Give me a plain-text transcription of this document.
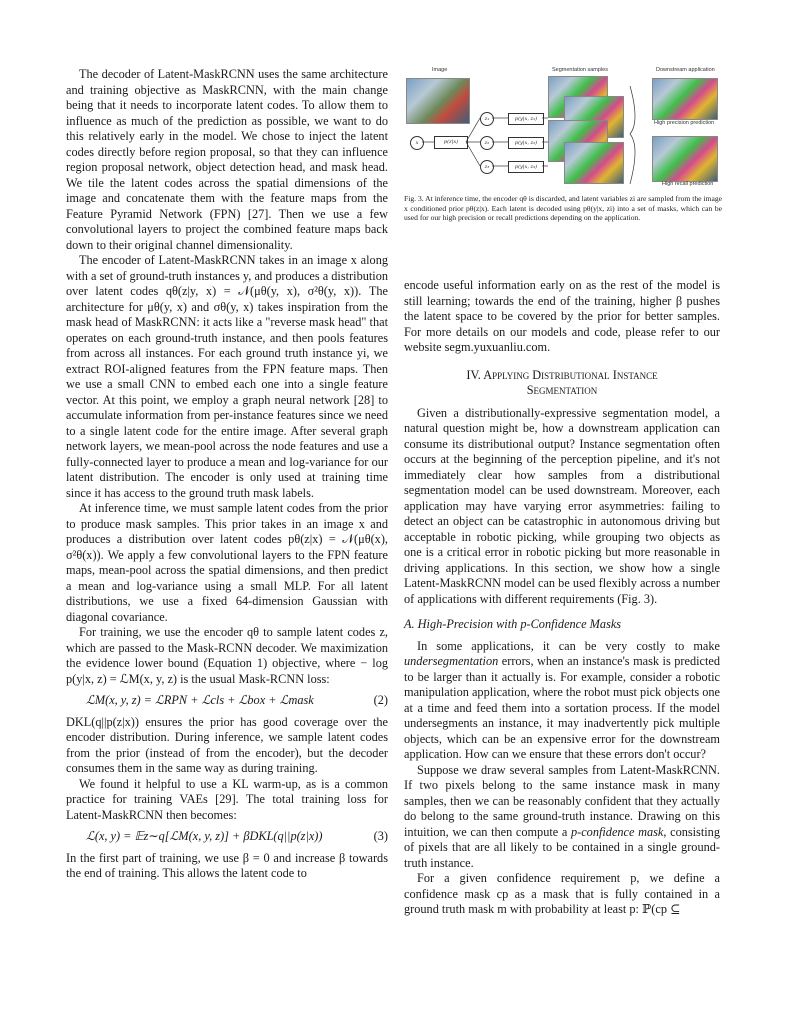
Image	Segmentation samples	Downstream application
x	p(z|x)
z₁
z₂
z₃
p(y|x, z₁)
p(y|x, z₂)
p(y|x, z₃)
High precision prediction
High recall prediction
Fig. 3. At inference time, the encoder qθ is discarded, and latent variables zi are sampled from the image x conditioned prior pθ(z|x). Each latent is decoded using pθ(y|x, zi) into a set of masks, which can be used for our high precision or recall predictions depending on the application.

The decoder of Latent-MaskRCNN uses the same architecture and training objective as MaskRCNN, with the main change being that it needs to incorporate latent codes. To allow them to influence as much of the prediction as possible, we want to do this relatively early in the model. We chose to inject the latent codes directly before region proposal, so that they can influence region proposal network, object detection head, and mask head. We tile the latent codes across the spatial dimensions of the image and concatenate them with the feature maps from the Feature Pyramid Network (FPN) [27]. Then we use a few convolutional layers to project the combined feature maps back down to their original channel dimensionality.

The encoder of Latent-MaskRCNN takes in an image x along with a set of ground-truth instances y, and produces a distribution over latent codes qθ(z|y, x) = 𝒩(μθ(y, x), σ²θ(y, x)). The architecture for μθ(y, x) and σθ(y, x) takes inspiration from the mask head of MaskRCNN: it acts like a "reverse mask head" that operates on each ground-truth instance, and then pools features from across all instances. For each ground truth instance yi, we extract ROI-aligned features from the FPN feature maps. Then we use a small CNN to embed each one into a single feature vector. At this point, we employ a graph neural network [28] to accumulate information from per-instance features since we need to a single latent code for the entire image. After several graph network layers, we mean-pool across the node features and use a fully-connected layer to produce a mean and log-variance for our latent distribution. The encoder is only used at training time since it has access to the ground truth mask labels.

At inference time, we must sample latent codes from the prior to produce mask samples. This prior takes in an image x and produces a distribution over latent codes pθ(z|x) = 𝒩(μθ(x), σ²θ(x)). We apply a few convolutional layers to the FPN feature maps, mean-pool across the spatial dimensions, and then predict a mean and log-variance using a small MLP. For all latent distributions, we use a fixed 64-dimension Gaussian with diagonal covariance.

For training, we use the encoder qθ to sample latent codes z, which are passed to the Mask-RCNN decoder. We maximization the evidence lower bound (Equation 1) objective, where − log p(y|x, z) = ℒM(x, y, z) is the usual Mask-RCNN loss:

ℒM(x, y, z) = ℒRPN + ℒcls + ℒbox + ℒmask	(2)

DKL(q||p(z|x)) ensures the prior has good coverage over the encoder distribution. During inference, we sample latent codes from the prior (instead of from the encoder), but the decoder consumes them in the same way as during training.

We found it helpful to use a KL warm-up, as is a common practice for training VAEs [29]. The total training loss for Latent-MaskRCNN then becomes:

ℒ(x, y) = 𝔼z∼q[ℒM(x, y, z)] + βDKL(q||p(z|x))	(3)

In the first part of training, we use β = 0 and increase β towards the end of training. This allows the latent code to

encode useful information early on as the rest of the model is still learning; towards the end of the training, higher β pushes the latent space to be covered by the prior for better samples. For more details on our models and code, please refer to our website segm.yuxuanliu.com.

IV. Applying Distributional Instance
Segmentation

Given a distributionally-expressive segmentation model, a natural question might be, how a downstream application can consume its distributional output? Instance segmentation often occurs at the beginning of the perception pipeline, and it's not immediately clear how samples from a distributional segmentation model can be used downstream. Moreover, each application may have varying error asymmetries: failing to detect an object can be catastrophic in autonomous driving but acceptable in robotic picking, while grouping two objects as one is a critical error in robotic picking but more reasonable in driving applications. In this section, we show how a single Latent-MaskRCNN model can be used flexibly across a number of applications with different requirements (Fig. 3).

A. High-Precision with p-Confidence Masks

In some applications, it can be very costly to make undersegmentation errors, when an instance's mask is predicted to be larger than it actually is. For example, consider a robotic manipulation application, where the robot must pick objects one at a time and feed them into a sortation process. If the model undersegments an instance, it may inadvertently pick multiple objects, which can be an expensive error for the downstream application. How can we ensure that these errors don't occur?

Suppose we draw several samples from Latent-MaskRCNN. If two pixels belong to the same instance mask in many samples, then we can be reasonably confident that they actually do belong to the same ground-truth instance. Drawing on this intuition, we can then compute a p-confidence mask, consisting of pixels that are all likely to be contained in a single ground-truth instance.

For a given confidence requirement p, we define a confidence mask cp as a mask that is fully contained in a ground truth mask m with probability at least p: ℙ(cp ⊆
